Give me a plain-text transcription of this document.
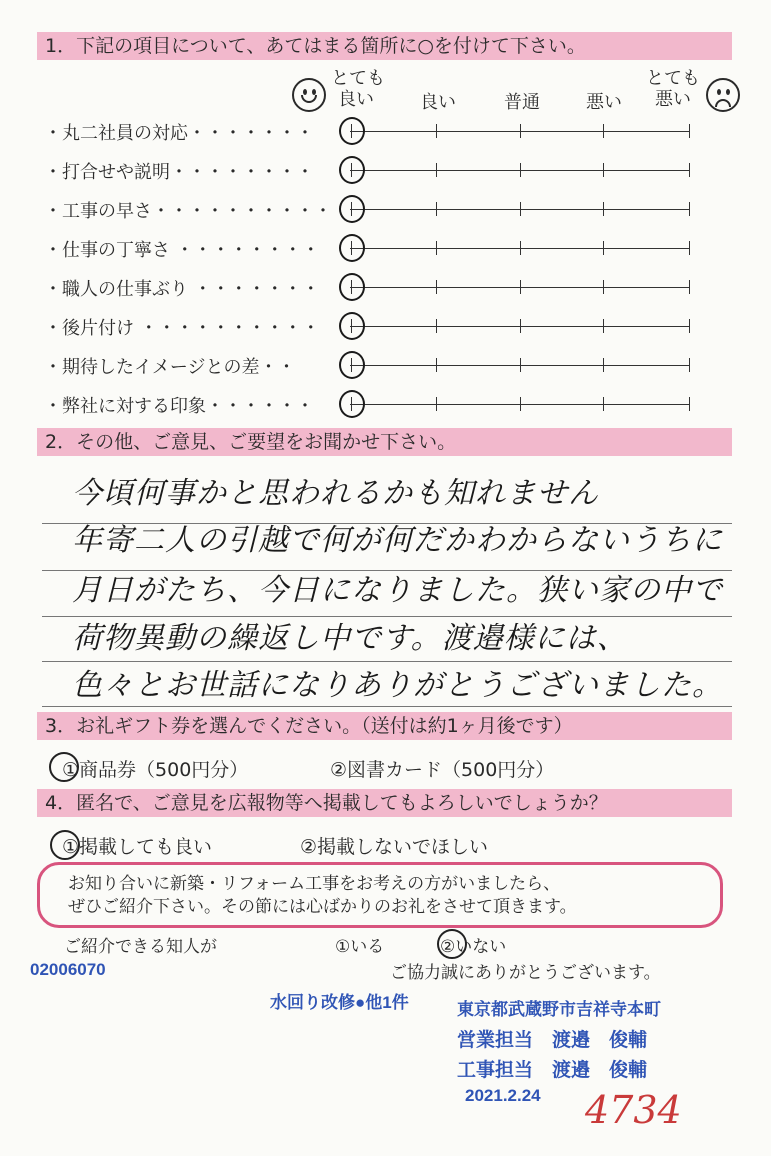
1．下記の項目について、あてはまる箇所に○を付けて下さい。
とても
良い	良い	普通	悪い
とても
悪い
・丸二社員の対応・・・・・・・
・打合せや説明・・・・・・・・
・工事の早さ・・・・・・・・・・
・仕事の丁寧さ ・・・・・・・・
・職人の仕事ぶり ・・・・・・・
・後片付け ・・・・・・・・・・
・期待したイメージとの差・・
・弊社に対する印象・・・・・・
2．その他、ご意見、ご要望をお聞かせ下さい。
今頃何事かと思われるかも知れません
年寄二人の引越で何が何だかわからないうちに
月日がたち、今日になりました。狭い家の中で
荷物異動の繰返し中です。渡邉様には、
色々とお世話になりありがとうございました。
3．お礼ギフト券を選んでください。（送付は約1ヶ月後です）
①商品券（500円分）	②図書カード（500円分）
4．匿名で、ご意見を広報物等へ掲載してもよろしいでしょうか？
①掲載しても良い	②掲載しないでほしい
お知り合いに新築・リフォーム工事をお考えの方がいましたら、
ぜひご紹介下さい。その節には心ばかりのお礼をさせて頂きます。
ご紹介できる知人が	①いる	②いない
ご協力誠にありがとうございます。
02006070
水回り改修●他1件	東京都武蔵野市吉祥寺本町
営業担当　渡邉　俊輔
工事担当　渡邉　俊輔
2021.2.24 4734
